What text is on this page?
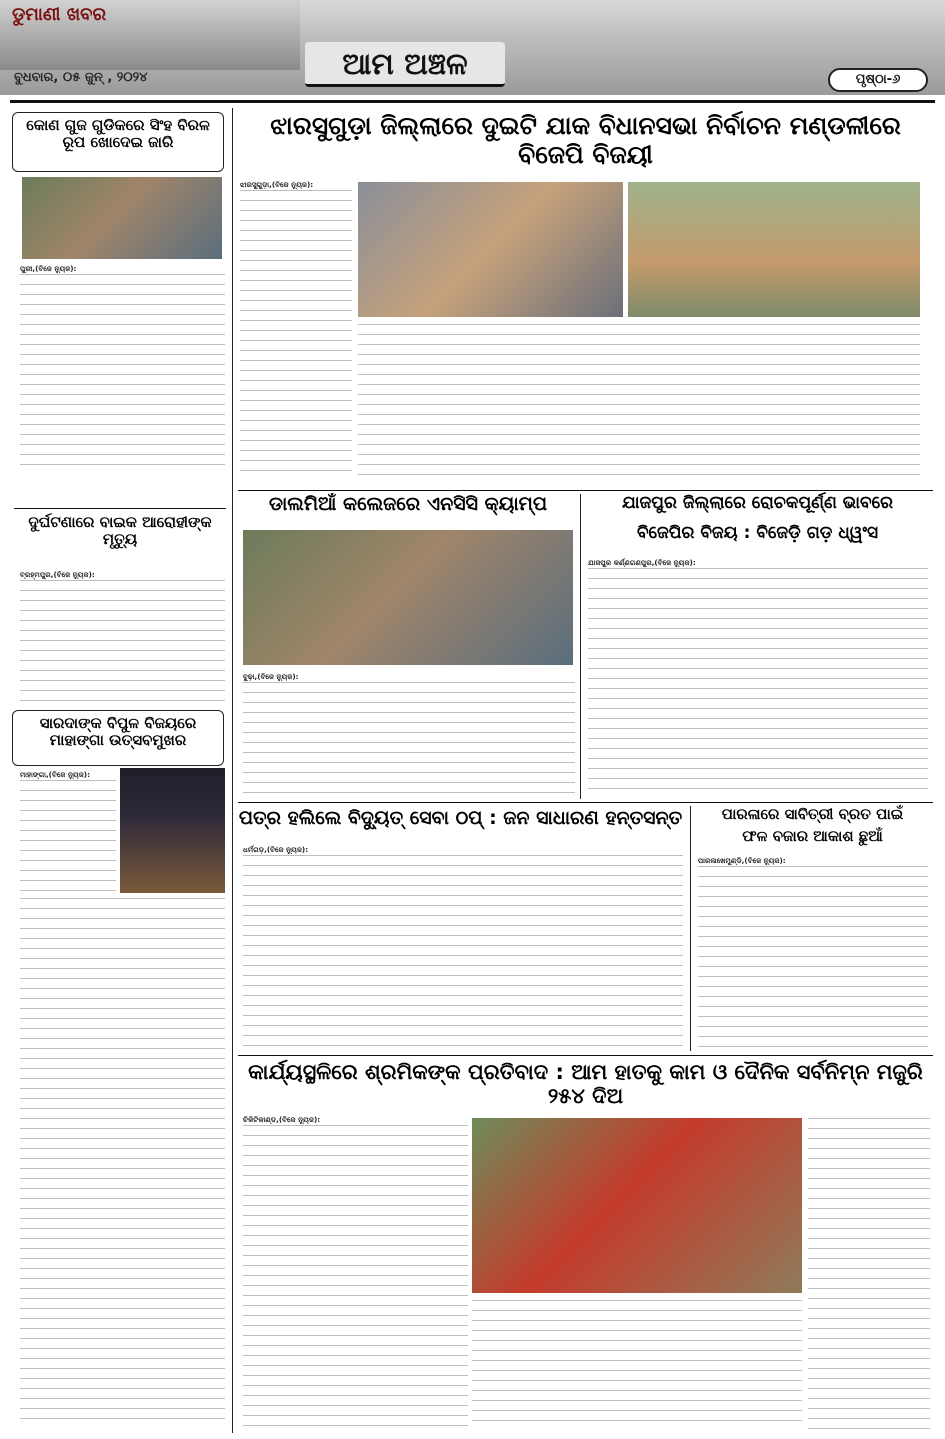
ଡୁମାଣୀ ଖବର
ବୁଧବାର, ୦୫ ଜୁନ୍ , ୨୦୨୪	ଆମ ଅଞ୍ଚଳ	ପୃଷ୍ଠା-୬
କୋଣ ଗୁଜ ଗୁଡିକରେ ସିଂହ ବିରଳ ରୂପ ଖୋଦେଇ ଜାରି
ପୁରୀ,(ବିଜେ ନ୍ୟୁଜ):
ଦୁର୍ଘଟଣାରେ ବାଇକ ଆରୋହୀଙ୍କ ମୃତ୍ୟୁ
ବ୍ରହ୍ମପୁର,(ବିଜେ ନ୍ୟୁଜ):
ସାରଦାଙ୍କ ବିପୁଳ ବିଜୟରେ ମାହାଙ୍ଗା ଉତ୍ସବମୁଖର
ମାହାଙ୍ଗା,(ବିଜେ ନ୍ୟୁଜ):
ଝାରସୁଗୁଡ଼ା ଜିଲ୍ଲାରେ ଦୁଇଟି ଯାକ ବିଧାନସଭା ନିର୍ବାଚନ ମଣ୍ଡଳୀରେ ବିଜେପି ବିଜୟୀ
ଝାରସୁଗୁଡ଼ା,(ବିଜେ ନ୍ୟୁଜ):
ଡାଲମିଆଁ କଲେଜରେ ଏନସିସି କ୍ୟାମ୍ପ
ବୁଢ଼ା,(ବିଜେ ନ୍ୟୁଜ):
ଯାଜପୁର ଜିଲ୍ଲାରେ ରୋଚକପୂର୍ଣ୍ଣ ଭାବରେ
ବିଜେପିର ବିଜୟ : ବିଜେଡ଼ି ଗଡ଼ ଧ୍ୱଂସ
ଯାଜପୁର କର୍ଣ୍ଣଗଣପୁର,(ବିଜେ ନ୍ୟୁଜ):
ପତ୍ର ହଲିଲେ ବିଦ୍ୟୁତ୍ ସେବା ଠପ୍ : ଜନ ସାଧାରଣ ହନ୍ତସନ୍ତ
ଧର୍ମଗଡ଼,(ବିଜେ ନ୍ୟୁଜ):
ପାରଳାରେ ସାବିତ୍ରୀ ବ୍ରତ ପାଇଁ
ଫଳ ବଜାର ଆକାଶ ଛୁଆଁ
ପାରଳାଖେମୁଣ୍ଡି,(ବିଜେ ନ୍ୟୁଜ):
କାର୍ଯ୍ୟସ୍ଥଳିରେ ଶ୍ରମିକଙ୍କ ପ୍ରତିବାଦ : ଆମ ହାତକୁ କାମ ଓ ଦୈନିକ ସର୍ବନିମ୍ନ ମଜୁରି ୨୫୪ ଦିଅ
ଚିକିଟିକାଣ୍ଡ,(ବିଜେ ନ୍ୟୁଜ):
